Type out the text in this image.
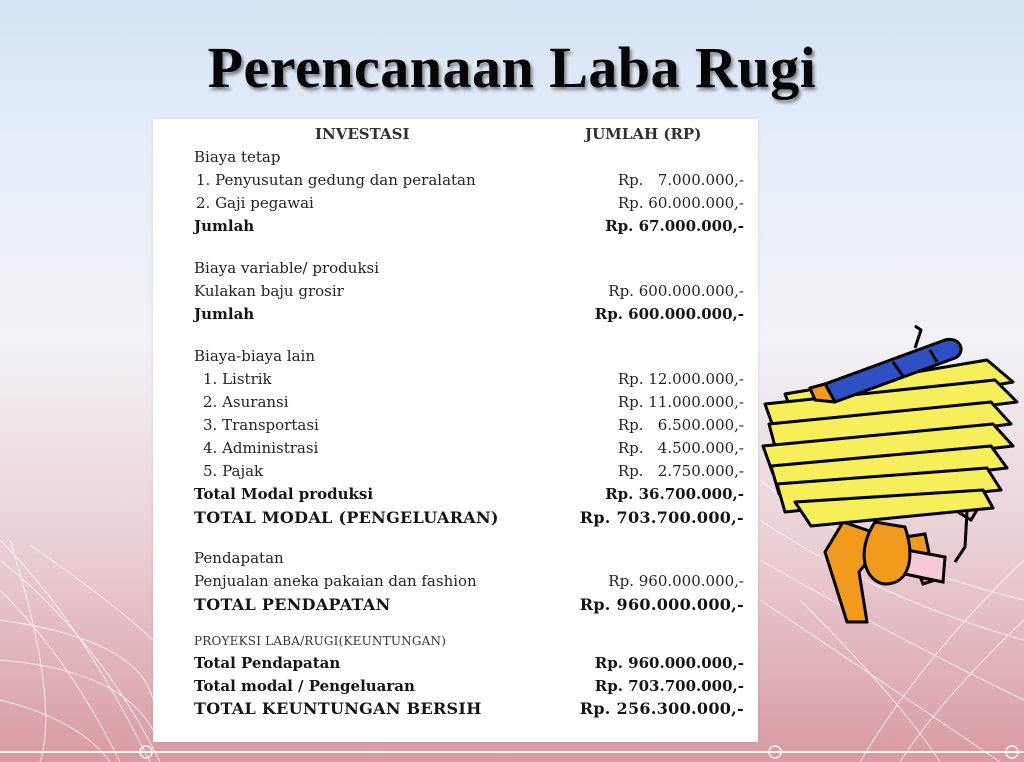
Perencanaan Laba Rugi
INVESTASI	JUMLAH (RP)
Biaya tetap
1. Penyusutan gedung dan peralatan	Rp.   7.000.000,-
2. Gaji pegawai	Rp. 60.000.000,-
Jumlah	Rp. 67.000.000,-
Biaya variable/ produksi
Kulakan baju grosir	Rp. 600.000.000,-
Jumlah	Rp. 600.000.000,-
Biaya-biaya lain
1. Listrik	Rp. 12.000.000,-
2. Asuransi	Rp. 11.000.000,-
3. Transportasi	Rp.   6.500.000,-
4. Administrasi	Rp.   4.500.000,-
5. Pajak	Rp.   2.750.000,-
Total Modal produksi	Rp. 36.700.000,-
TOTAL MODAL (PENGELUARAN)	Rp. 703.700.000,-
Pendapatan
Penjualan aneka pakaian dan fashion	Rp. 960.000.000,-
TOTAL PENDAPATAN	Rp. 960.000.000,-
PROYEKSI LABA/RUGI(KEUNTUNGAN)
Total Pendapatan	Rp. 960.000.000,-
Total modal / Pengeluaran	Rp. 703.700.000,-
TOTAL KEUNTUNGAN BERSIH	Rp. 256.300.000,-
